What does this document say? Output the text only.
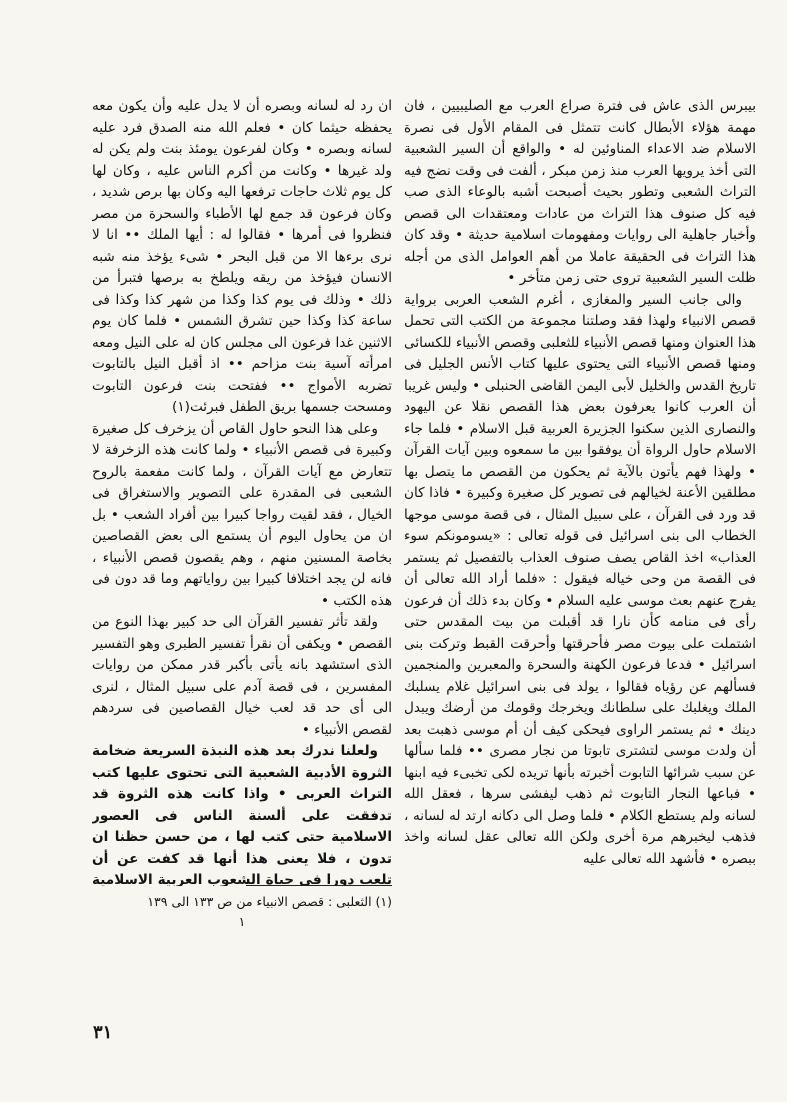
بيبرس الذى عاش فى فترة صراع العرب مع الصليبيين ، فان مهمة هؤلاء الأبطال كانت تتمثل فى المقام الأول فى نصرة الاسلام ضد الاعداء المناوئين له • والواقع أن السير الشعبية التى أخذ يرويها العرب منذ زمن مبكر ، ألفت فى وقت نضج فيه التراث الشعبى وتطور بحيث أصبحت أشبه بالوعاء الذى صب فيه كل صنوف هذا التراث من عادات ومعتقدات الى قصص وأخبار جاهلية الى روايات ومفهومات اسلامية حديثة • وقد كان هذا التراث فى الحقيقة عاملا من أهم العوامل الذى من أجله ظلت السير الشعبية تروى حتى زمن متأخر •

والى جانب السير والمغازى ، أغرم الشعب العربى برواية قصص الانبياء ولهذا فقد وصلتنا مجموعة من الكتب التى تحمل هذا العنوان ومنها قصص الأنبياء للثعلبى وقصص الأنبياء للكسائى ومنها قصص الأنبياء التى يحتوى عليها كتاب الأنس الجليل فى تاريخ القدس والخليل لأبى اليمن القاضى الحنبلى • وليس غريبا أن العرب كانوا يعرفون بعض هذا القصص نقلا عن اليهود والنصارى الذين سكنوا الجزيرة العربية قبل الاسلام • فلما جاء الاسلام حاول الرواة أن يوفقوا بين ما سمعوه وبين آيات القرآن • ولهذا فهم يأتون بالآية ثم يحكون من القصص ما يتصل بها مطلقين الأعنة لخيالهم فى تصوير كل صغيرة وكبيرة • فاذا كان قد ورد فى القرآن ، على سبيل المثال ، فى قصة موسى موجها الخطاب الى بنى اسرائيل فى قوله تعالى : «يسومونكم سوء العذاب» اخذ القاص يصف صنوف العذاب بالتفصيل ثم يستمر فى القصة من وحى خياله فيقول : «فلما أراد الله تعالى أن يفرج عنهم بعث موسى عليه السلام • وكان بدء ذلك أن فرعون رأى فى منامه كأن نارا قد أقبلت من بيت المقدس حتى اشتملت على بيوت مصر فأحرقتها وأحرقت القبط وتركت بنى اسرائيل • فدعا فرعون الكهنة والسحرة والمعبرين والمنجمين فسألهم عن رؤياه فقالوا ، يولد فى بنى اسرائيل غلام يسلبك الملك ويغلبك على سلطانك ويخرجك وقومك من أرضك ويبدل دينك • ثم يستمر الراوى فيحكى كيف أن أم موسى ذهبت بعد أن ولدت موسى لتشترى تابوتا من نجار مصرى •• فلما سألها عن سبب شرائها التابوت أخبرته بأنها تريده لكى تخبىء فيه ابنها • فباعها النجار التابوت ثم ذهب ليفشى سرها ، فعقل الله لسانه ولم يستطع الكلام • فلما وصل الى دكانه ارتد له لسانه ، فذهب ليخبرهم مرة أخرى ولكن الله تعالى عقل لسانه واخذ ببصره • فأشهد الله تعالى عليه

ان رد له لسانه وبصره أن لا يدل عليه وأن يكون معه يحفظه حيثما كان • فعلم الله منه الصدق فرد عليه لسانه وبصره • وكان لفرعون يومئذ بنت ولم يكن له ولد غيرها • وكانت من أكرم الناس عليه ، وكان لها كل يوم ثلاث حاجات ترفعها اليه وكان بها برص شديد ، وكان فرعون قد جمع لها الأطباء والسحرة من مصر فنظروا فى أمرها • فقالوا له : أيها الملك •• انا لا نرى برءها الا من قبل البحر • شىء يؤخذ منه شبه الانسان فيؤخذ من ريقه ويلطخ به برصها فتبرأ من ذلك • وذلك فى يوم كذا وكذا من شهر كذا وكذا فى ساعة كذا وكذا حين تشرق الشمس • فلما كان يوم الاثنين غدا فرعون الى مجلس كان له على النيل ومعه امرأته آسية بنت مزاحم •• اذ أقبل النيل بالتابوت تضربه الأمواج •• ففتحت بنت فرعون التابوت ومسحت جسمها بريق الطفل فبرئت(١)

وعلى هذا النحو حاول القاص أن يزخرف كل صغيرة وكبيرة فى قصص الأنبياء • ولما كانت هذه الزخرفة لا تتعارض مع آيات القرآن ، ولما كانت مفعمة بالروح الشعبى فى المقدرة على التصوير والاستغراق فى الخيال ، فقد لقيت رواجا كبيرا بين أفراد الشعب • بل ان من يحاول اليوم أن يستمع الى بعض القصاصين بخاصة المسنين منهم ، وهم يقصون قصص الأنبياء ، فانه لن يجد اختلافا كبيرا بين رواياتهم وما قد دون فى هذه الكتب •

ولقد تأثر تفسير القرآن الى حد كبير بهذا النوع من القصص • ويكفى أن نقرأ تفسير الطبرى وهو التفسير الذى استشهد بانه يأتى بأكبر قدر ممكن من روايات المفسرين ، فى قصة آدم على سبيل المثال ، لنرى الى أى حد قد لعب خيال القصاصين فى سردهم لقصص الأنبياء •

ولعلنا ندرك بعد هذه النبذة السريعة ضخامة الثروة الأدبية الشعبية التى تحتوى عليها كتب التراث العربى • واذا كانت هذه الثروة قد تدفقت على ألسنة الناس فى العصور الاسلامية حتى كتب لها ، من حسن حظنا ان تدون ، فلا يعنى هذا أنها قد كفت عن أن تلعب دورا فى حياة الشعوب العربية الاسلامية

(١) الثعلبى : قصص الانبياء من ص ١٣٣ الى ١٣٩
١
٣١
